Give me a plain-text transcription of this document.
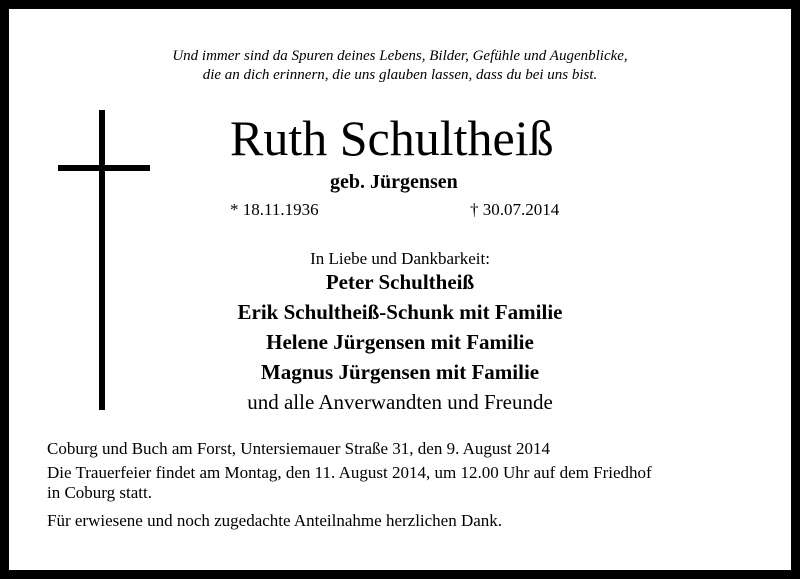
Und immer sind da Spuren deines Lebens, Bilder, Gefühle und Augenblicke,

die an dich erinnern, die uns glauben lassen, dass du bei uns bist.

Ruth Schultheiß

geb. Jürgensen

* 18.11.1936	† 30.07.2014

In Liebe und Dankbarkeit:

Peter Schultheiß

Erik Schultheiß-Schunk mit Familie

Helene Jürgensen mit Familie

Magnus Jürgensen mit Familie

und alle Anverwandten und Freunde

Coburg und Buch am Forst, Untersiemauer Straße 31, den 9. August 2014

Die Trauerfeier findet am Montag, den 11. August 2014, um 12.00 Uhr auf dem Friedhof

in Coburg statt.

Für erwiesene und noch zugedachte Anteilnahme herzlichen Dank.
